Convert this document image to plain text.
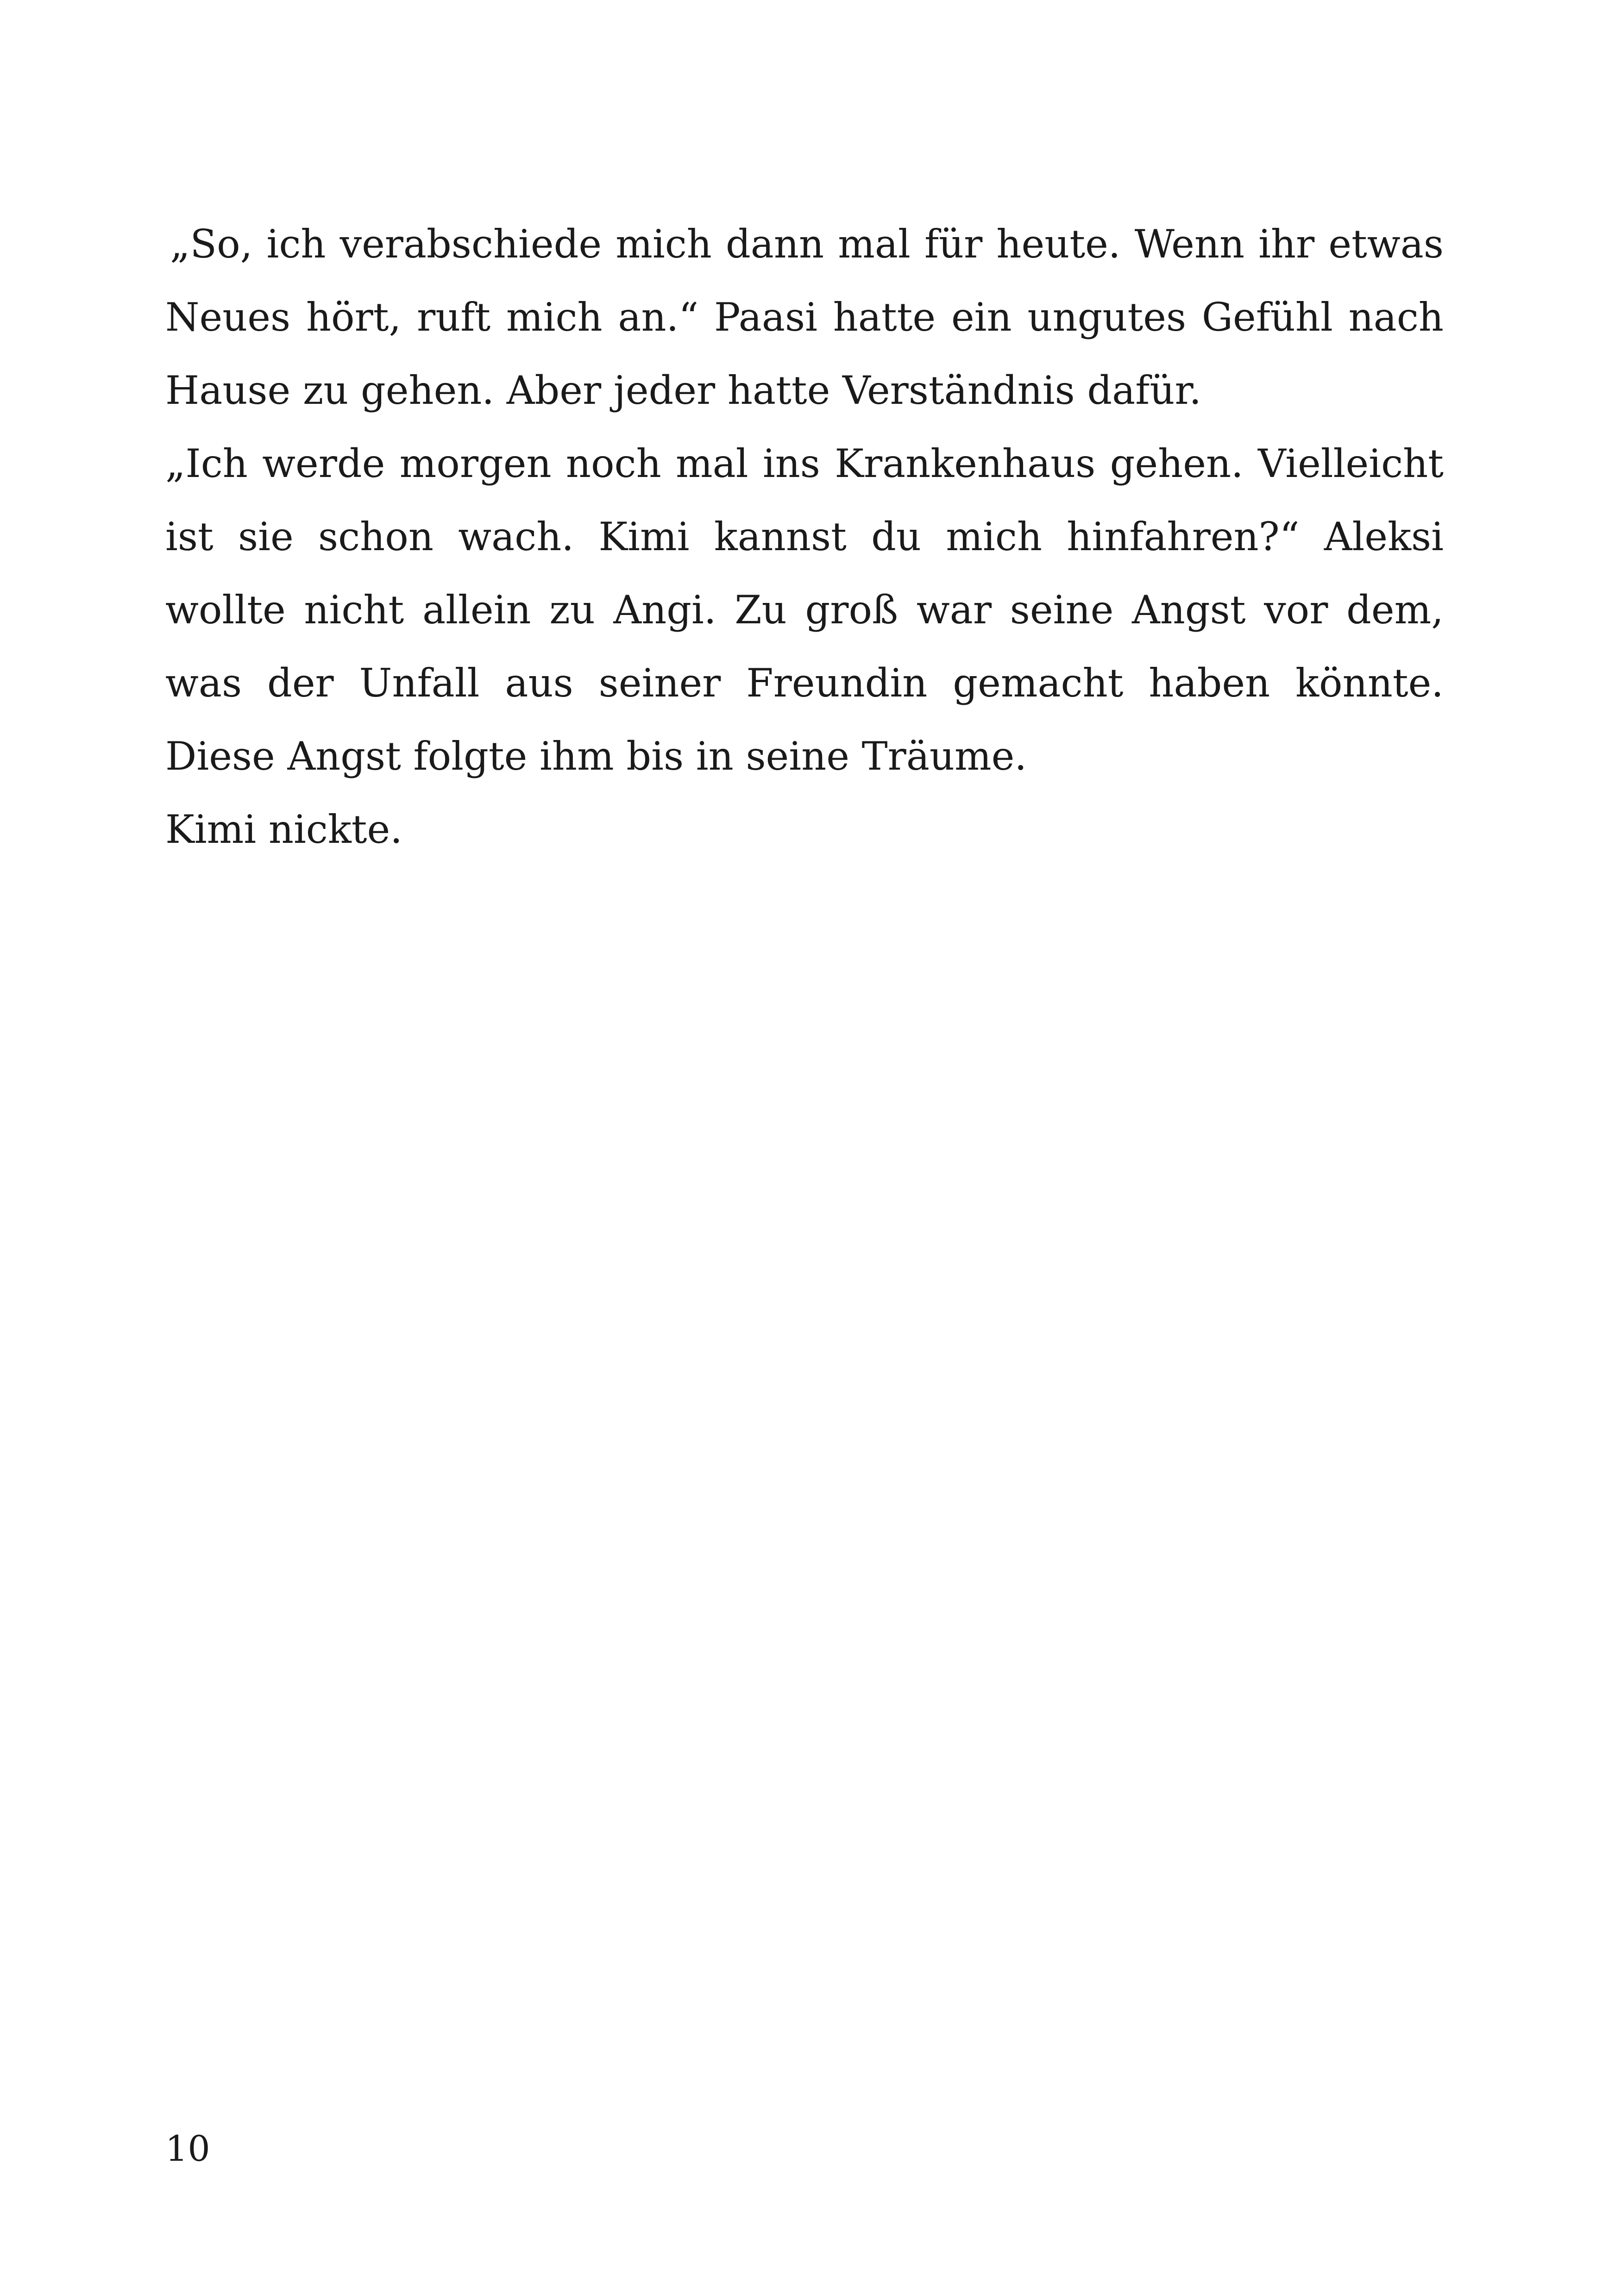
„So, ich verabschiede mich dann mal für heute. Wenn ihr etwas Neues hört, ruft mich an.“ Paasi hatte ein ungutes Gefühl nach Hause zu gehen. Aber jeder hatte Verständnis dafür.

„Ich werde morgen noch mal ins Krankenhaus gehen. Vielleicht ist sie schon wach. Kimi kannst du mich hinfahren?“ Aleksi wollte nicht allein zu Angi. Zu groß war seine Angst vor dem, was der Unfall aus seiner Freundin gemacht haben könnte. Diese Angst folgte ihm bis in seine Träume.

Kimi nickte.

10
